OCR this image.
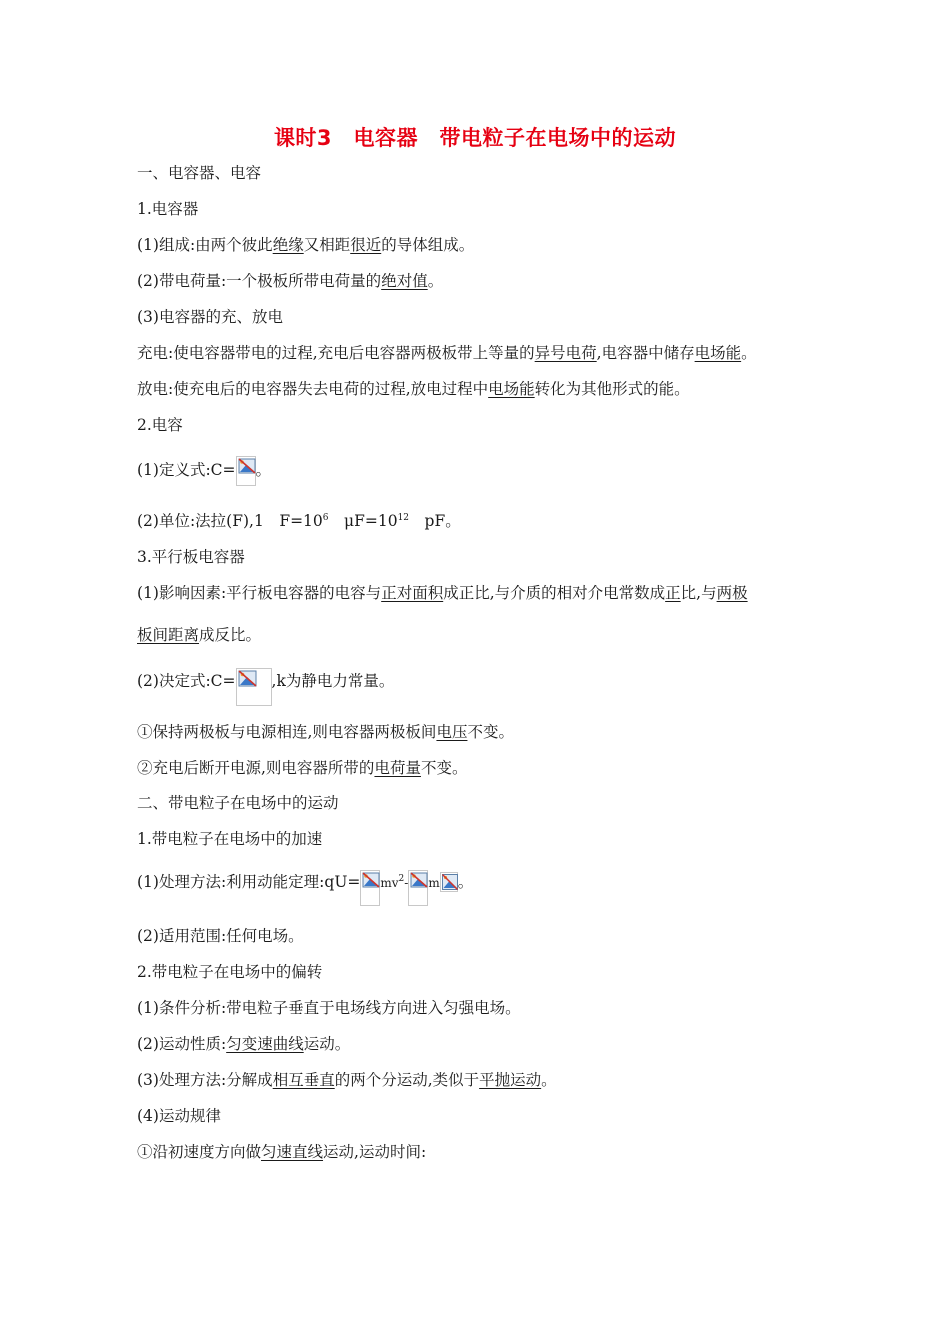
课时3　电容器　带电粒子在电场中的运动
一、电容器、电容
1.电容器
(1)组成:由两个彼此绝缘又相距很近的导体组成。
(2)带电荷量:一个极板所带电荷量的绝对值。
(3)电容器的充、放电
充电:使电容器带电的过程,充电后电容器两极板带上等量的异号电荷,电容器中储存电场能。
放电:使充电后的电容器失去电荷的过程,放电过程中电场能转化为其他形式的能。
2.电容
(1)定义式:C= 。
(2)单位:法拉(F),1　$F=10^6$　$\mu F=10^{12}$　pF。
3.平行板电容器
(1)影响因素:平行板电容器的电容与正对面积成正比,与介质的相对介电常数成正比,与两极
板间距离成反比。
(2)决定式:C= ,k为静电力常量。
①保持两极板与电源相连,则电容器两极板间电压不变。
②充电后断开电源,则电容器所带的电荷量不变。
二、带电粒子在电场中的运动
1.带电粒子在电场中的加速
(1)处理方法:利用动能定理:qU= $mv^2-$ m 。
(2)适用范围:任何电场。
2.带电粒子在电场中的偏转
(1)条件分析:带电粒子垂直于电场线方向进入匀强电场。
(2)运动性质:匀变速曲线运动。
(3)处理方法:分解成相互垂直的两个分运动,类似于平抛运动。
(4)运动规律
①沿初速度方向做匀速直线运动,运动时间:
